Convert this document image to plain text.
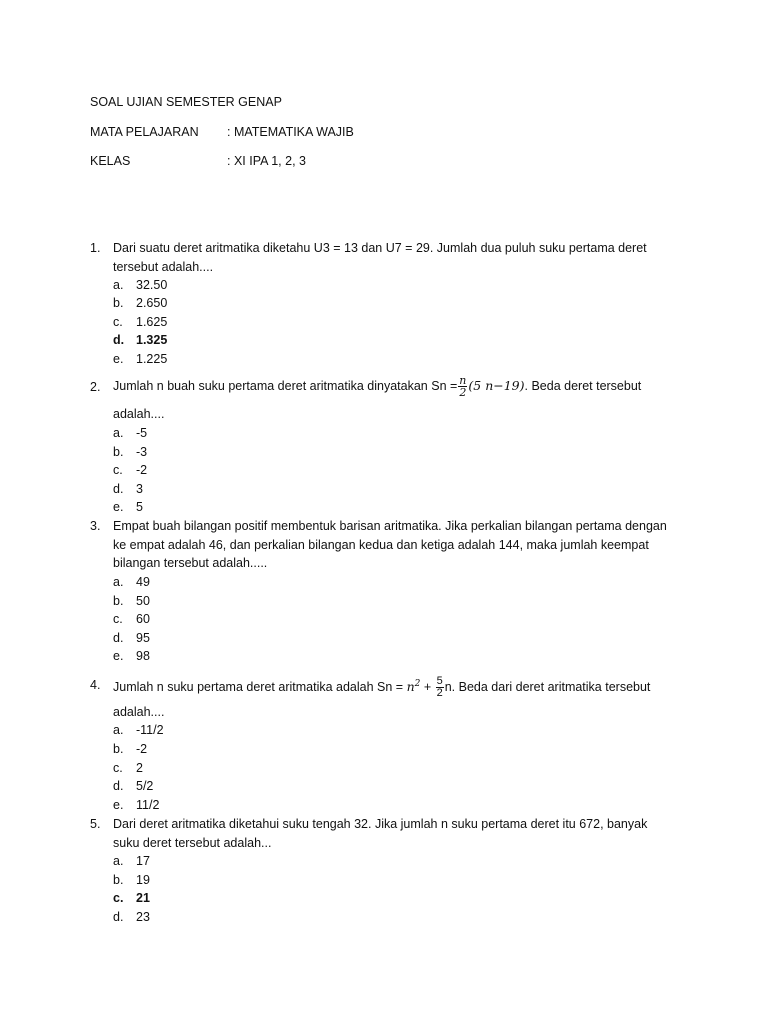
SOAL UJIAN SEMESTER GENAP
MATA PELAJARAN : MATEMATIKA WAJIB
KELAS	: XI IPA 1, 2, 3
1. Dari suatu deret aritmatika diketahu U3 = 13 dan U7 = 29. Jumlah dua puluh suku pertama deret
tersebut adalah....
a. 32.50
b. 2.650
c. 1.625
d. 1.325
e. 1.225
2. Jumlah n buah suku pertama deret aritmatika dinyatakan $Sn = \frac{n}{2} (5$ n−19). Beda deret tersebut
adalah....
a. -5
b. -3
c. -2
d. 3
e. 5
3. Empat buah bilangan positif membentuk barisan aritmatika. Jika perkalian bilangan pertama dengan
ke empat adalah 46, dan perkalian bilangan kedua dan ketiga adalah 144, maka jumlah keempat
bilangan tersebut adalah.....
a. 49
b. 50
c. 60
d. 95
e. 98
4. Jumlah n suku pertama deret aritmatika adalah $Sn = n^2 + \frac{5}{2} n$. Beda dari deret aritmatika tersebut
adalah....
a. -11/2
b. -2
c. 2
d. 5/2
e. 11/2
5. Dari deret aritmatika diketahui suku tengah 32. Jika jumlah n suku pertama deret itu 672, banyak
suku deret tersebut adalah...
a. 17
b. 19
c. 21
d. 23
